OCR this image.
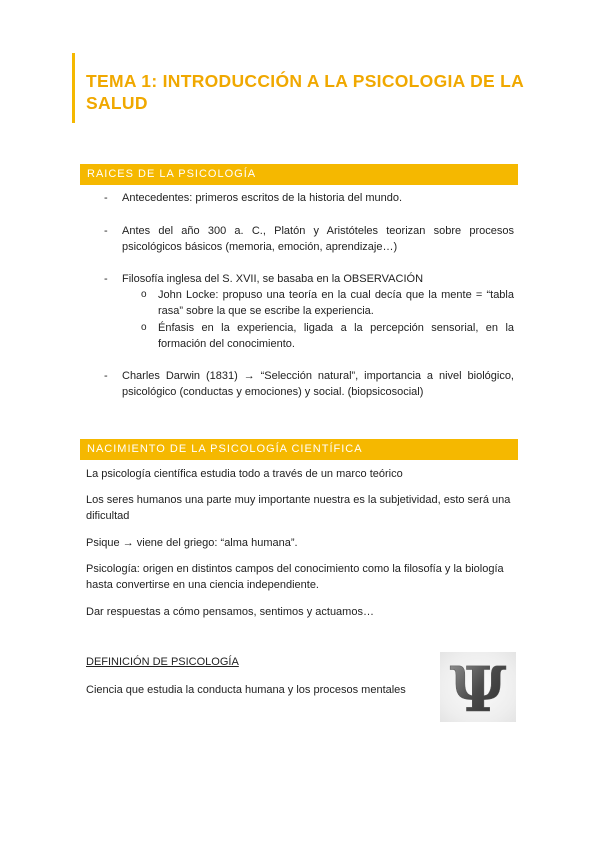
TEMA 1: INTRODUCCIÓN A LA PSICOLOGIA DE LA SALUD
RAICES DE LA PSICOLOGÍA
- Antecedentes: primeros escritos de la historia del mundo.
- Antes del año 300 a. C., Platón y Aristóteles teorizan sobre procesos psicológicos básicos (memoria, emoción, aprendizaje…)
- Filosofía inglesa del S. XVII, se basaba en la OBSERVACIÓN
o John Locke: propuso una teoría en la cual decía que la mente = “tabla rasa” sobre la que se escribe la experiencia.
o Énfasis en la experiencia, ligada a la percepción sensorial, en la formación del conocimiento.
- Charles Darwin (1831) → “Selección natural”, importancia a nivel biológico, psicológico (conductas y emociones) y social. (biopsicosocial)
NACIMIENTO DE LA PSICOLOGÍA CIENTÍFICA
La psicología científica estudia todo a través de un marco teórico
Los seres humanos una parte muy importante nuestra es la subjetividad, esto será una dificultad
Psique → viene del griego: “alma humana”.
Psicología: origen en distintos campos del conocimiento como la filosofía y la biología hasta convertirse en una ciencia independiente.
Dar respuestas a cómo pensamos, sentimos y actuamos…
DEFINICIÓN DE PSICOLOGÍA
Ciencia que estudia la conducta humana y los procesos mentales Ψ
